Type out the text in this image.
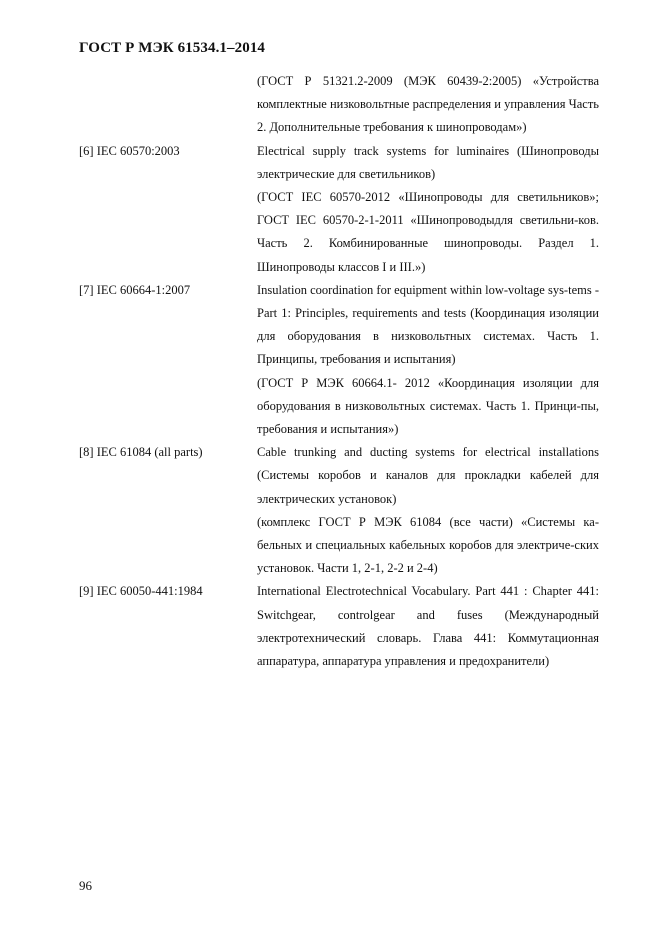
ГОСТ Р МЭК 61534.1–2014

(ГОСТ Р 51321.2-2009 (МЭК 60439-2:2005) «Устройства комплектные низковольтные распределения и управления Часть 2. Дополнительные требования к шинопроводам»)

[6] IEC 60570:2003	Electrical supply track systems for luminaires (Шинопроводы электрические для светильников)

(ГОСТ IEC 60570-2012 «Шинопроводы для светильников»; ГОСТ IEC 60570-2-1-2011 «Шинопроводыдля светильни-ков. Часть 2. Комбинированные шинопроводы. Раздел 1. Шинопроводы классов I и III.»)

[7] IEC 60664-1:2007	Insulation coordination for equipment within low-voltage sys-tems - Part 1: Principles, requirements and tests (Координация изоляции для оборудования в низковольтных системах. Часть 1. Принципы, требования и испытания)

(ГОСТ Р МЭК 60664.1- 2012 «Координация изоляции для оборудования в низковольтных системах. Часть 1. Принци-пы, требования и испытания»)

[8] IEC 61084 (all parts)	Cable trunking and ducting systems for electrical installations (Системы коробов и каналов для прокладки кабелей для электрических установок)

(комплекс ГОСТ Р МЭК 61084 (все части) «Системы ка-бельных и специальных кабельных коробов для электриче-ских установок. Части 1, 2-1, 2-2 и 2-4)

[9] IEC 60050-441:1984	International Electrotechnical Vocabulary. Part 441 : Chapter 441: Switchgear, controlgear and fuses (Международный электротехнический словарь. Глава 441: Коммутационная аппаратура, аппаратура управления и предохранители)

96
